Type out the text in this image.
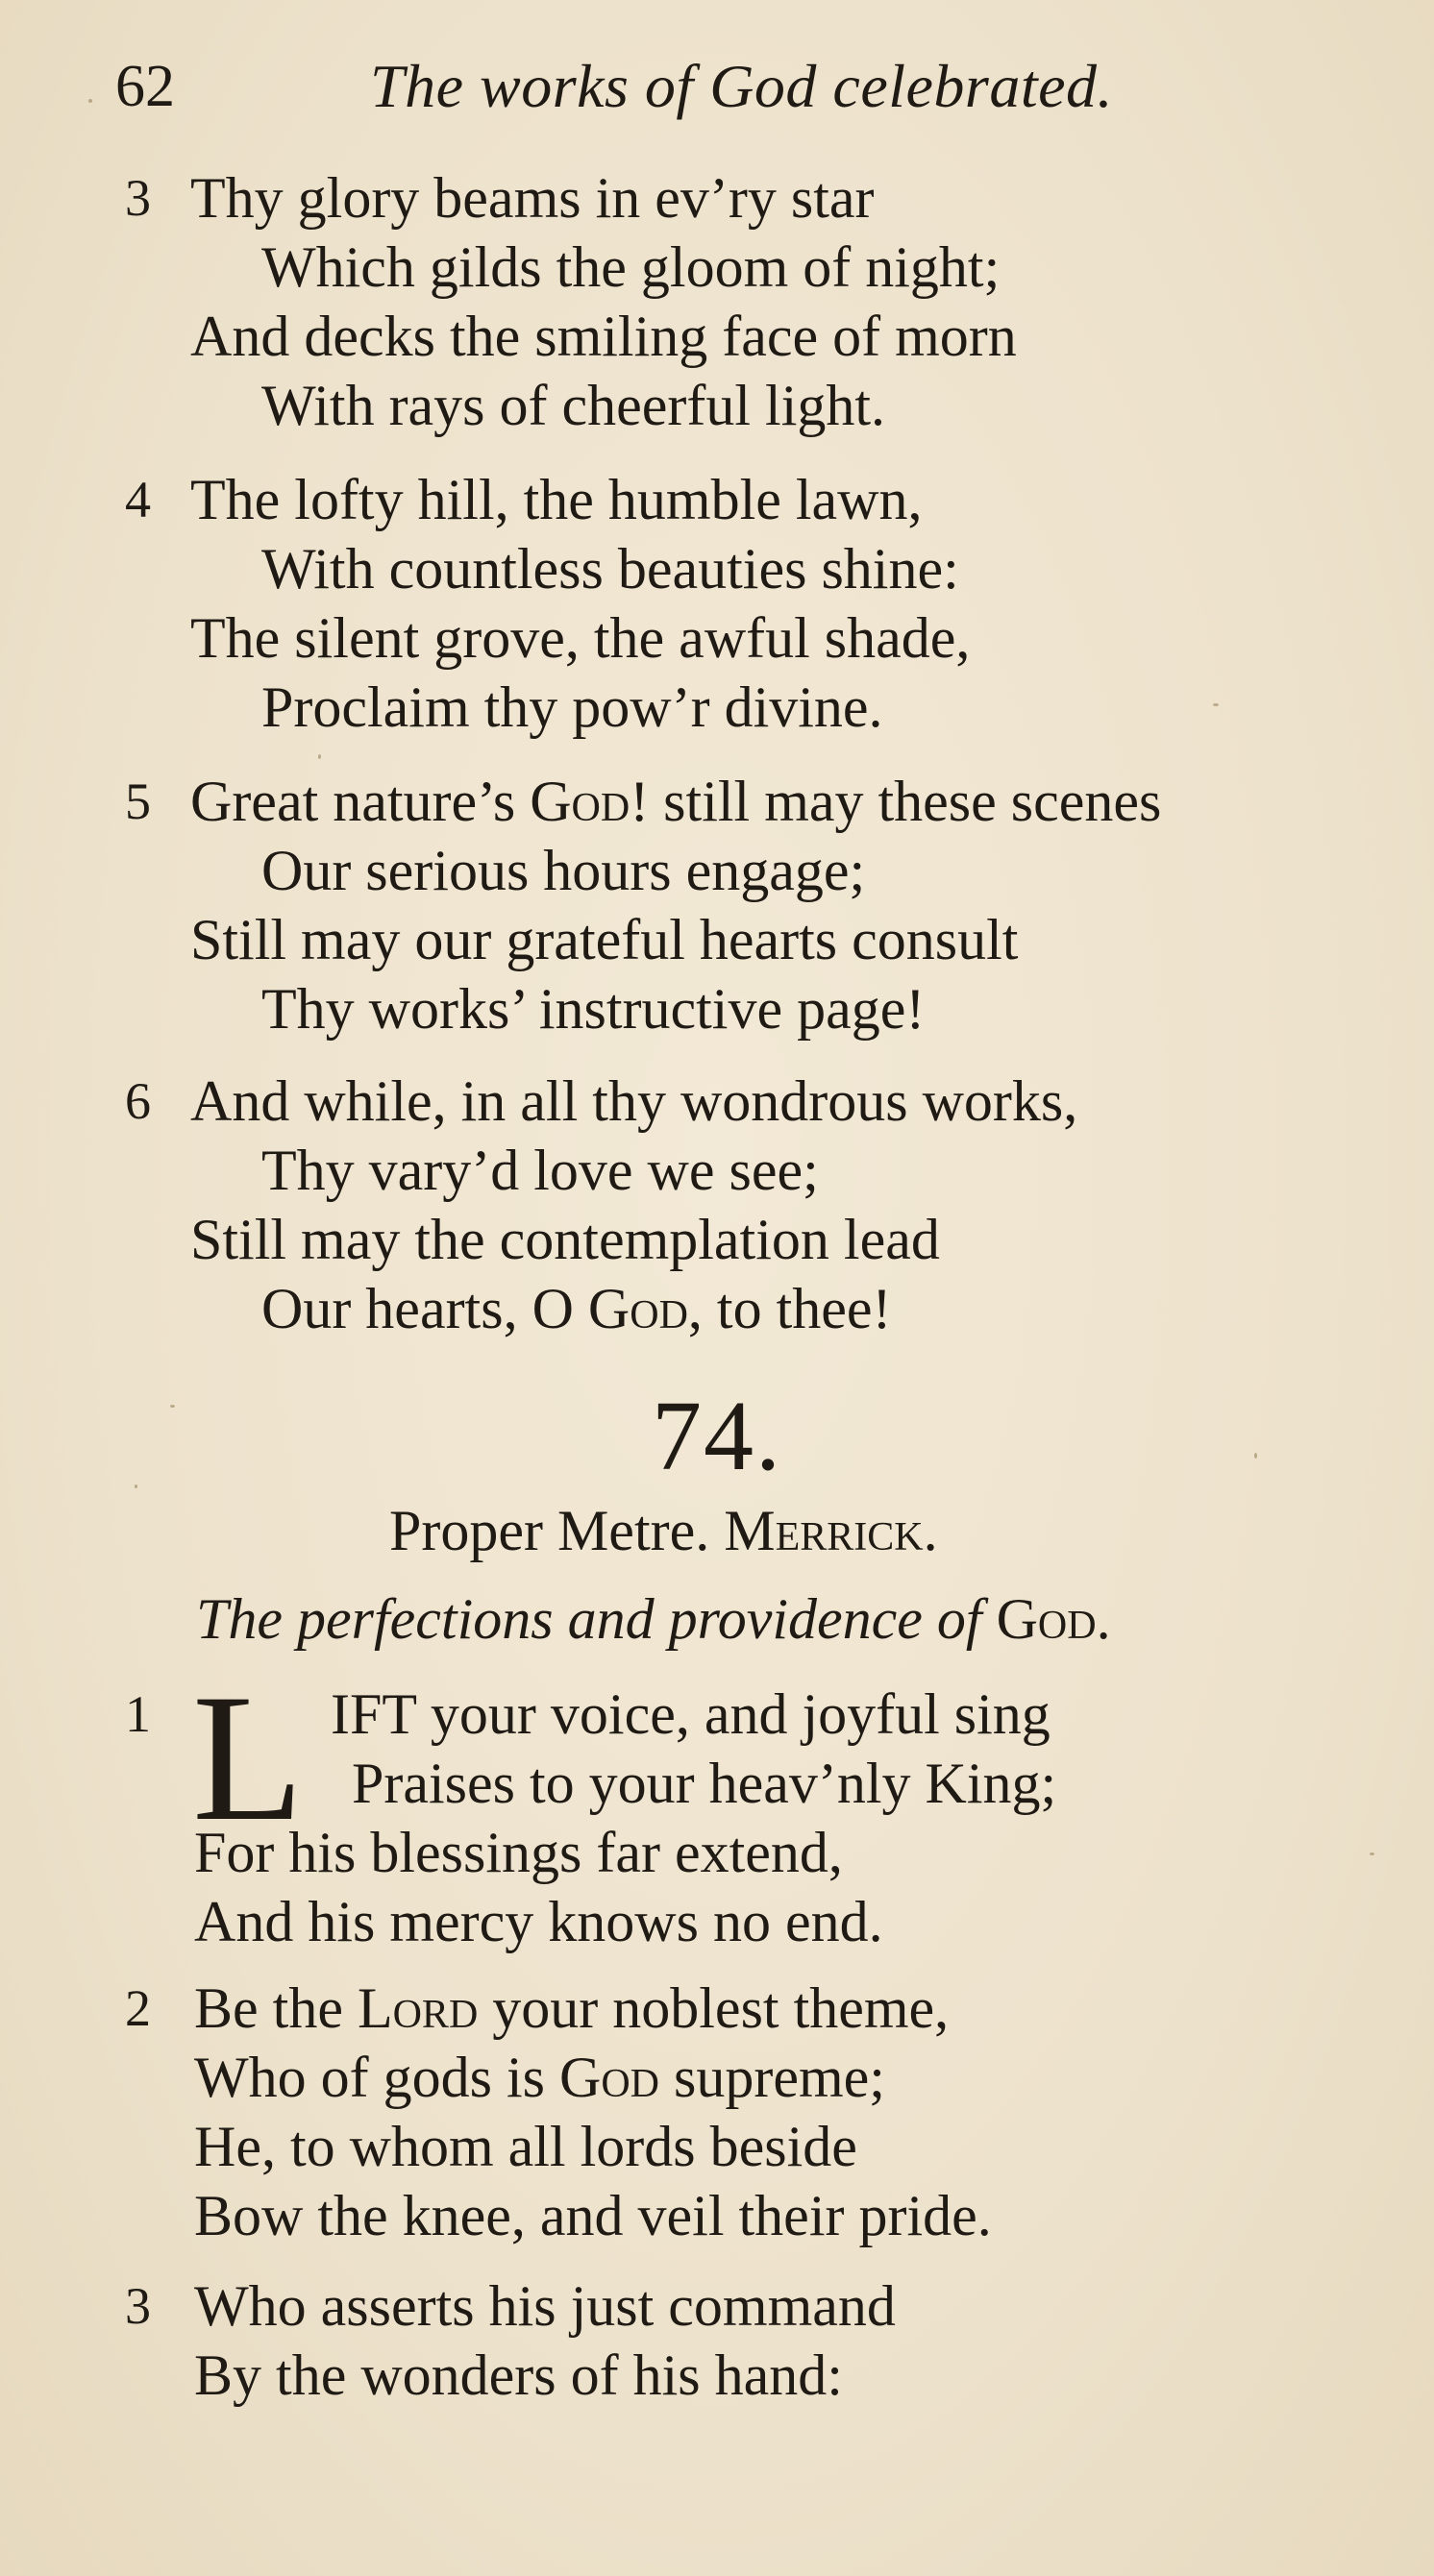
62	The works of God celebrated.
3 Thy glory beams in ev’ry star
Which gilds the gloom of night;
And decks the smiling face of morn
With rays of cheerful light.
4 The lofty hill, the humble lawn,
With countless beauties shine:
The silent grove, the awful shade,
Proclaim thy pow’r divine.
5 Great nature’s God! still may these scenes
Our serious hours engage;
Still may our grateful hearts consult
Thy works’ instructive page!
6 And while, in all thy wondrous works,
Thy vary’d love we see;
Still may the contemplation lead
Our hearts, O God, to thee!
74.
Proper Metre. Merrick.
The perfections and providence of God.
1 L IFT your voice, and joyful sing
Praises to your heav’nly King;
For his blessings far extend,
And his mercy knows no end.
2 Be the Lord your noblest theme,
Who of gods is God supreme;
He, to whom all lords beside
Bow the knee, and veil their pride.
3 Who asserts his just command
By the wonders of his hand:
